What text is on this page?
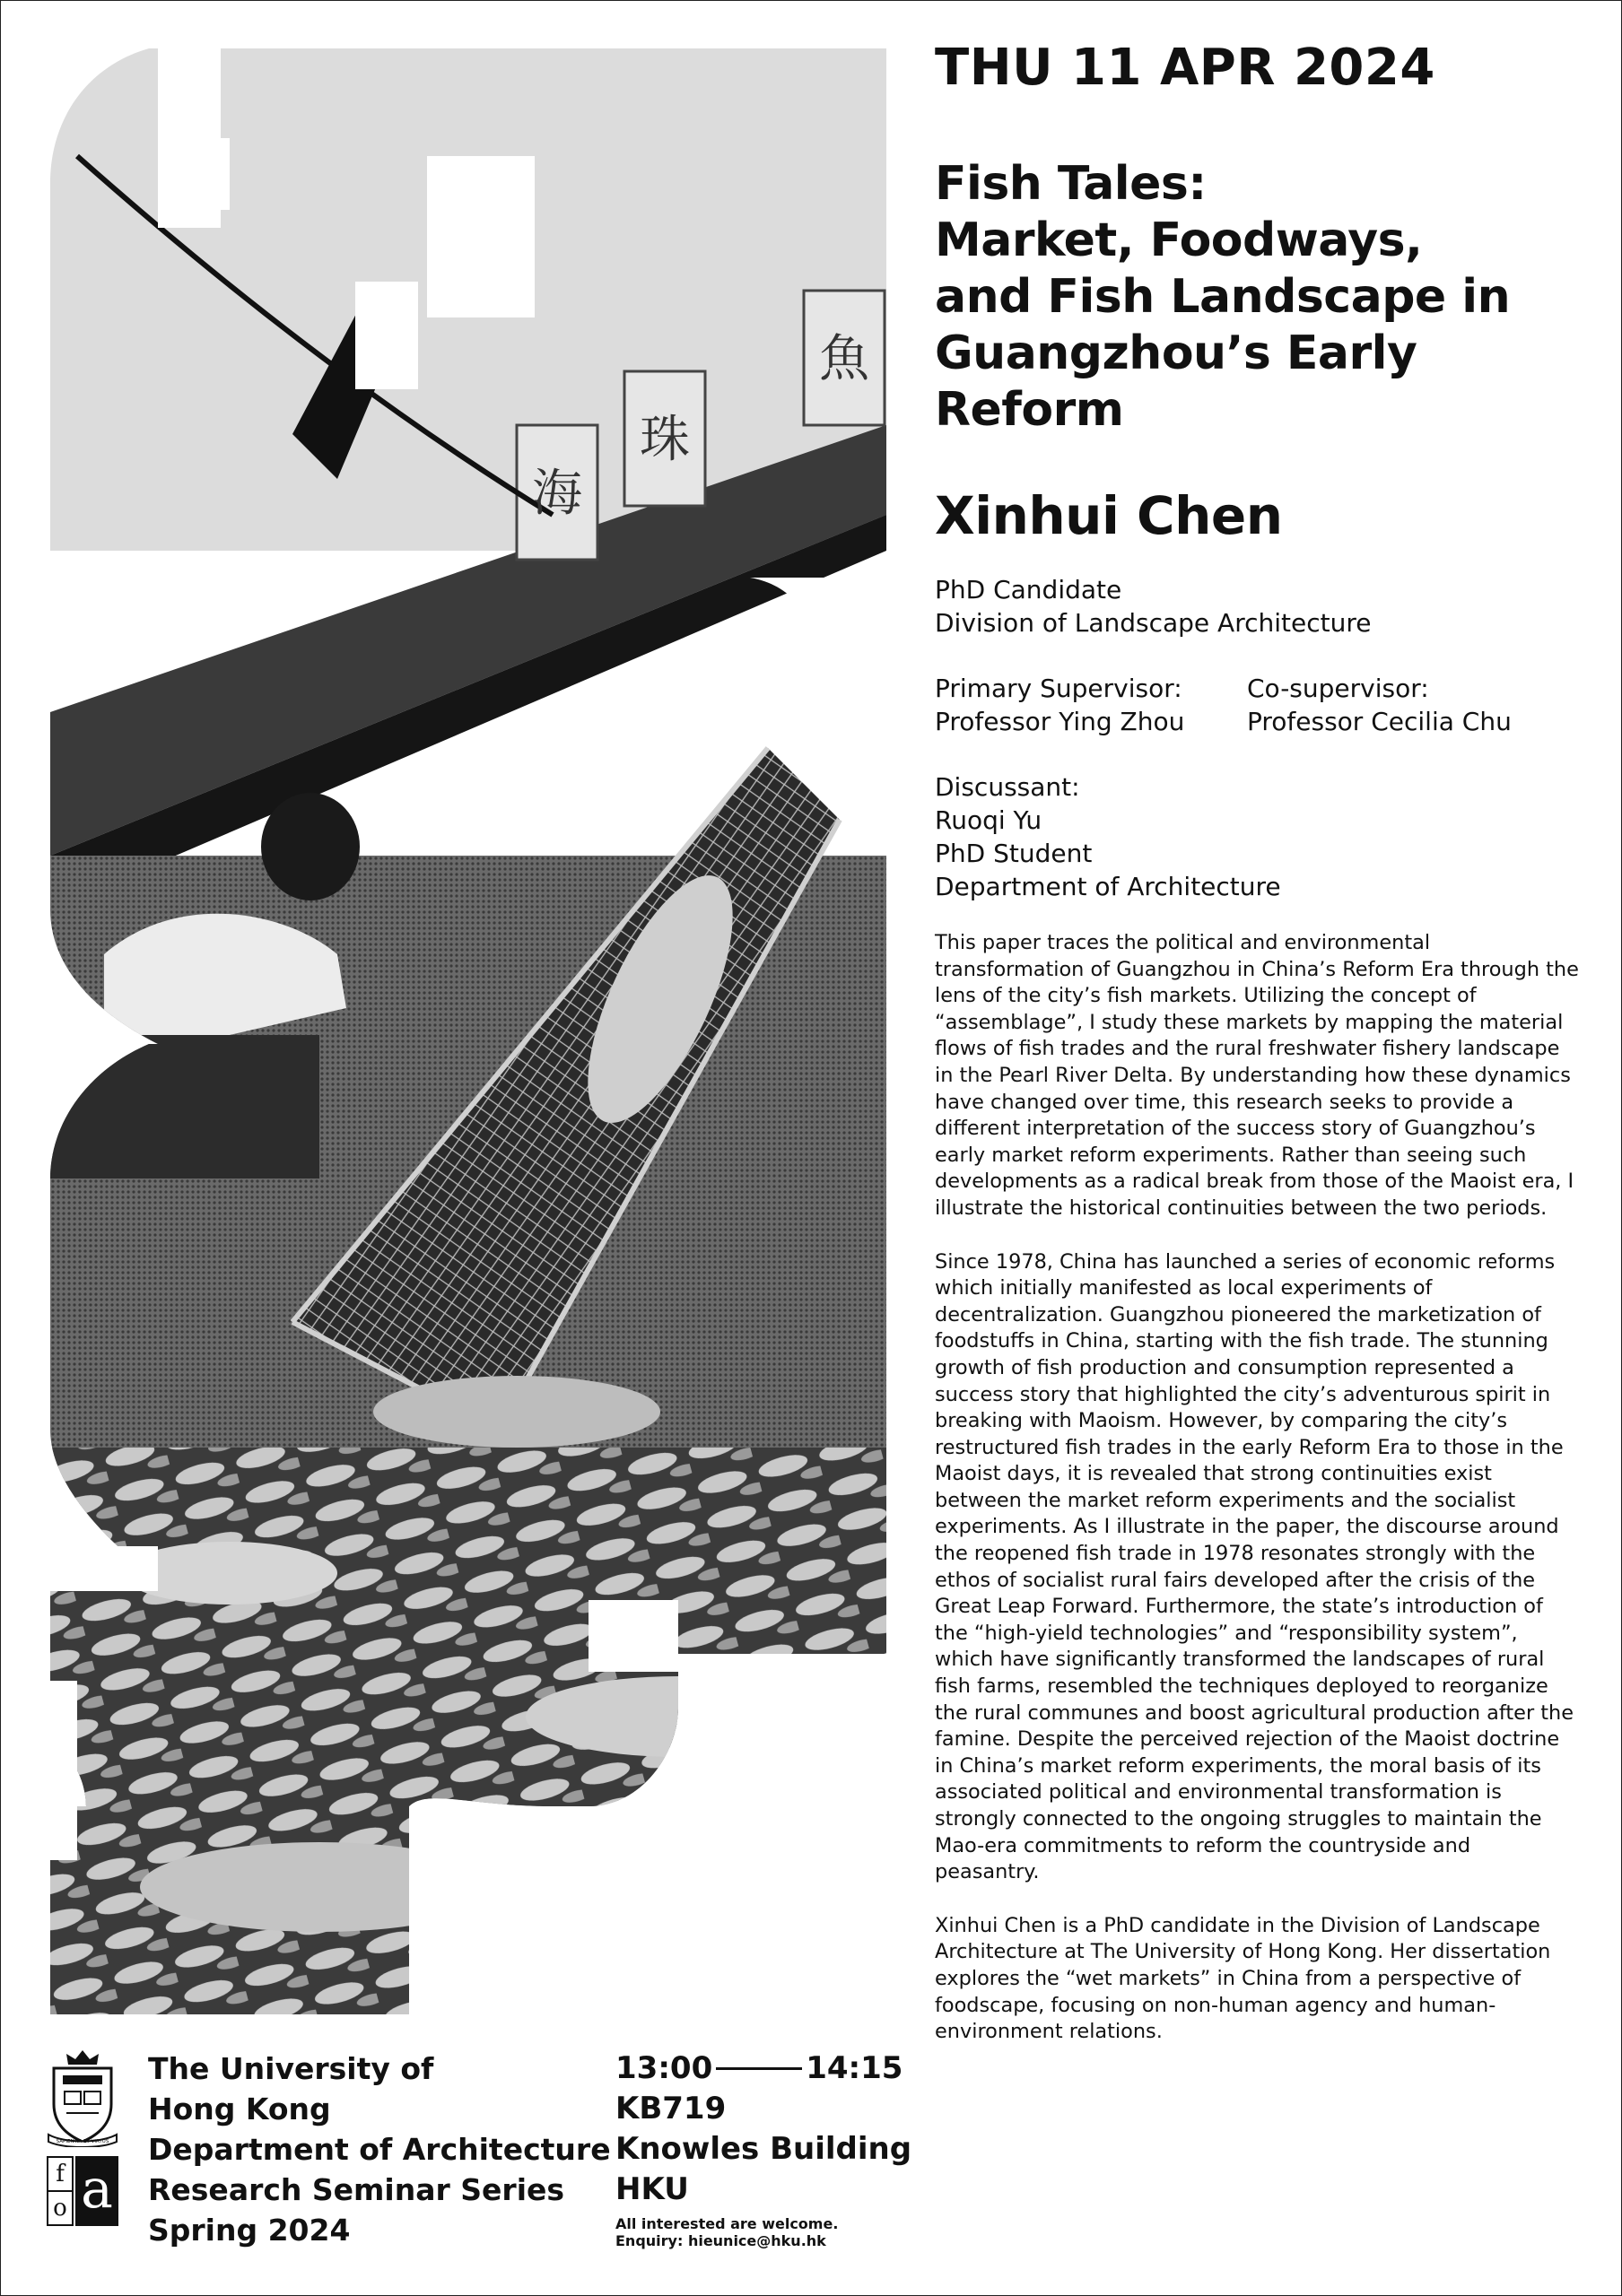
海
珠
魚
THU 11 APR 2024
Fish Tales:
Market, Foodways,
and Fish Landscape in
Guangzhou’s Early
Reform
Xinhui Chen

PhD Candidate

Division of Landscape Architecture

Primary Supervisor:

Professor Ying Zhou

Co-supervisor:

Professor Cecilia Chu

Discussant:

Ruoqi Yu

PhD Student

Department of Architecture

This paper traces the political and environmental transformation of Guangzhou in China’s Reform Era through the lens of the city’s fish markets. Utilizing the concept of “assemblage”, I study these markets by mapping the material flows of fish trades and the rural freshwater fishery landscape in the Pearl River Delta. By understanding how these dynamics have changed over time, this research seeks to provide a different interpretation of the success story of Guangzhou’s early market reform experiments. Rather than seeing such developments as a radical break from those of the Maoist era, I illustrate the historical continuities between the two periods.

Since 1978, China has launched a series of economic reforms which initially manifested as local experiments of decentralization. Guangzhou pioneered the marketization of foodstuffs in China, starting with the fish trade. The stunning growth of fish production and consumption represented a success story that highlighted the city’s adventurous spirit in breaking with Maoism. However, by comparing the city’s restructured fish trades in the early Reform Era to those in the Maoist days, it is revealed that strong continuities exist between the market reform experiments and the socialist experiments. As I illustrate in the paper, the discourse around the reopened fish trade in 1978 resonates strongly with the ethos of socialist rural fairs developed after the crisis of the Great Leap Forward. Furthermore, the state’s introduction of the “high-yield technologies” and “responsibility system”, which have significantly transformed the landscapes of rural fish farms, resembled the techniques deployed to reorganize the rural communes and boost agricultural production after the famine. Despite the perceived rejection of the Maoist doctrine in China’s market reform experiments, the moral basis of its associated political and environmental transformation is strongly connected to the ongoing struggles to maintain the Mao-era commitments to reform the countryside and peasantry.

Xinhui Chen is a PhD candidate in the Division of Landscape Architecture at The University of Hong Kong. Her dissertation explores the “wet markets” in China from a perspective of foodscape, focusing on non-human agency and human-environment relations.

SAPIENTIA ET VIRTUS
f
o a

The University of

Hong Kong

Department of Architecture

Research Seminar Series

Spring 2024

13:00	14:15

KB719

Knowles Building

HKU

All interested are welcome.

Enquiry: hieunice@hku.hk
